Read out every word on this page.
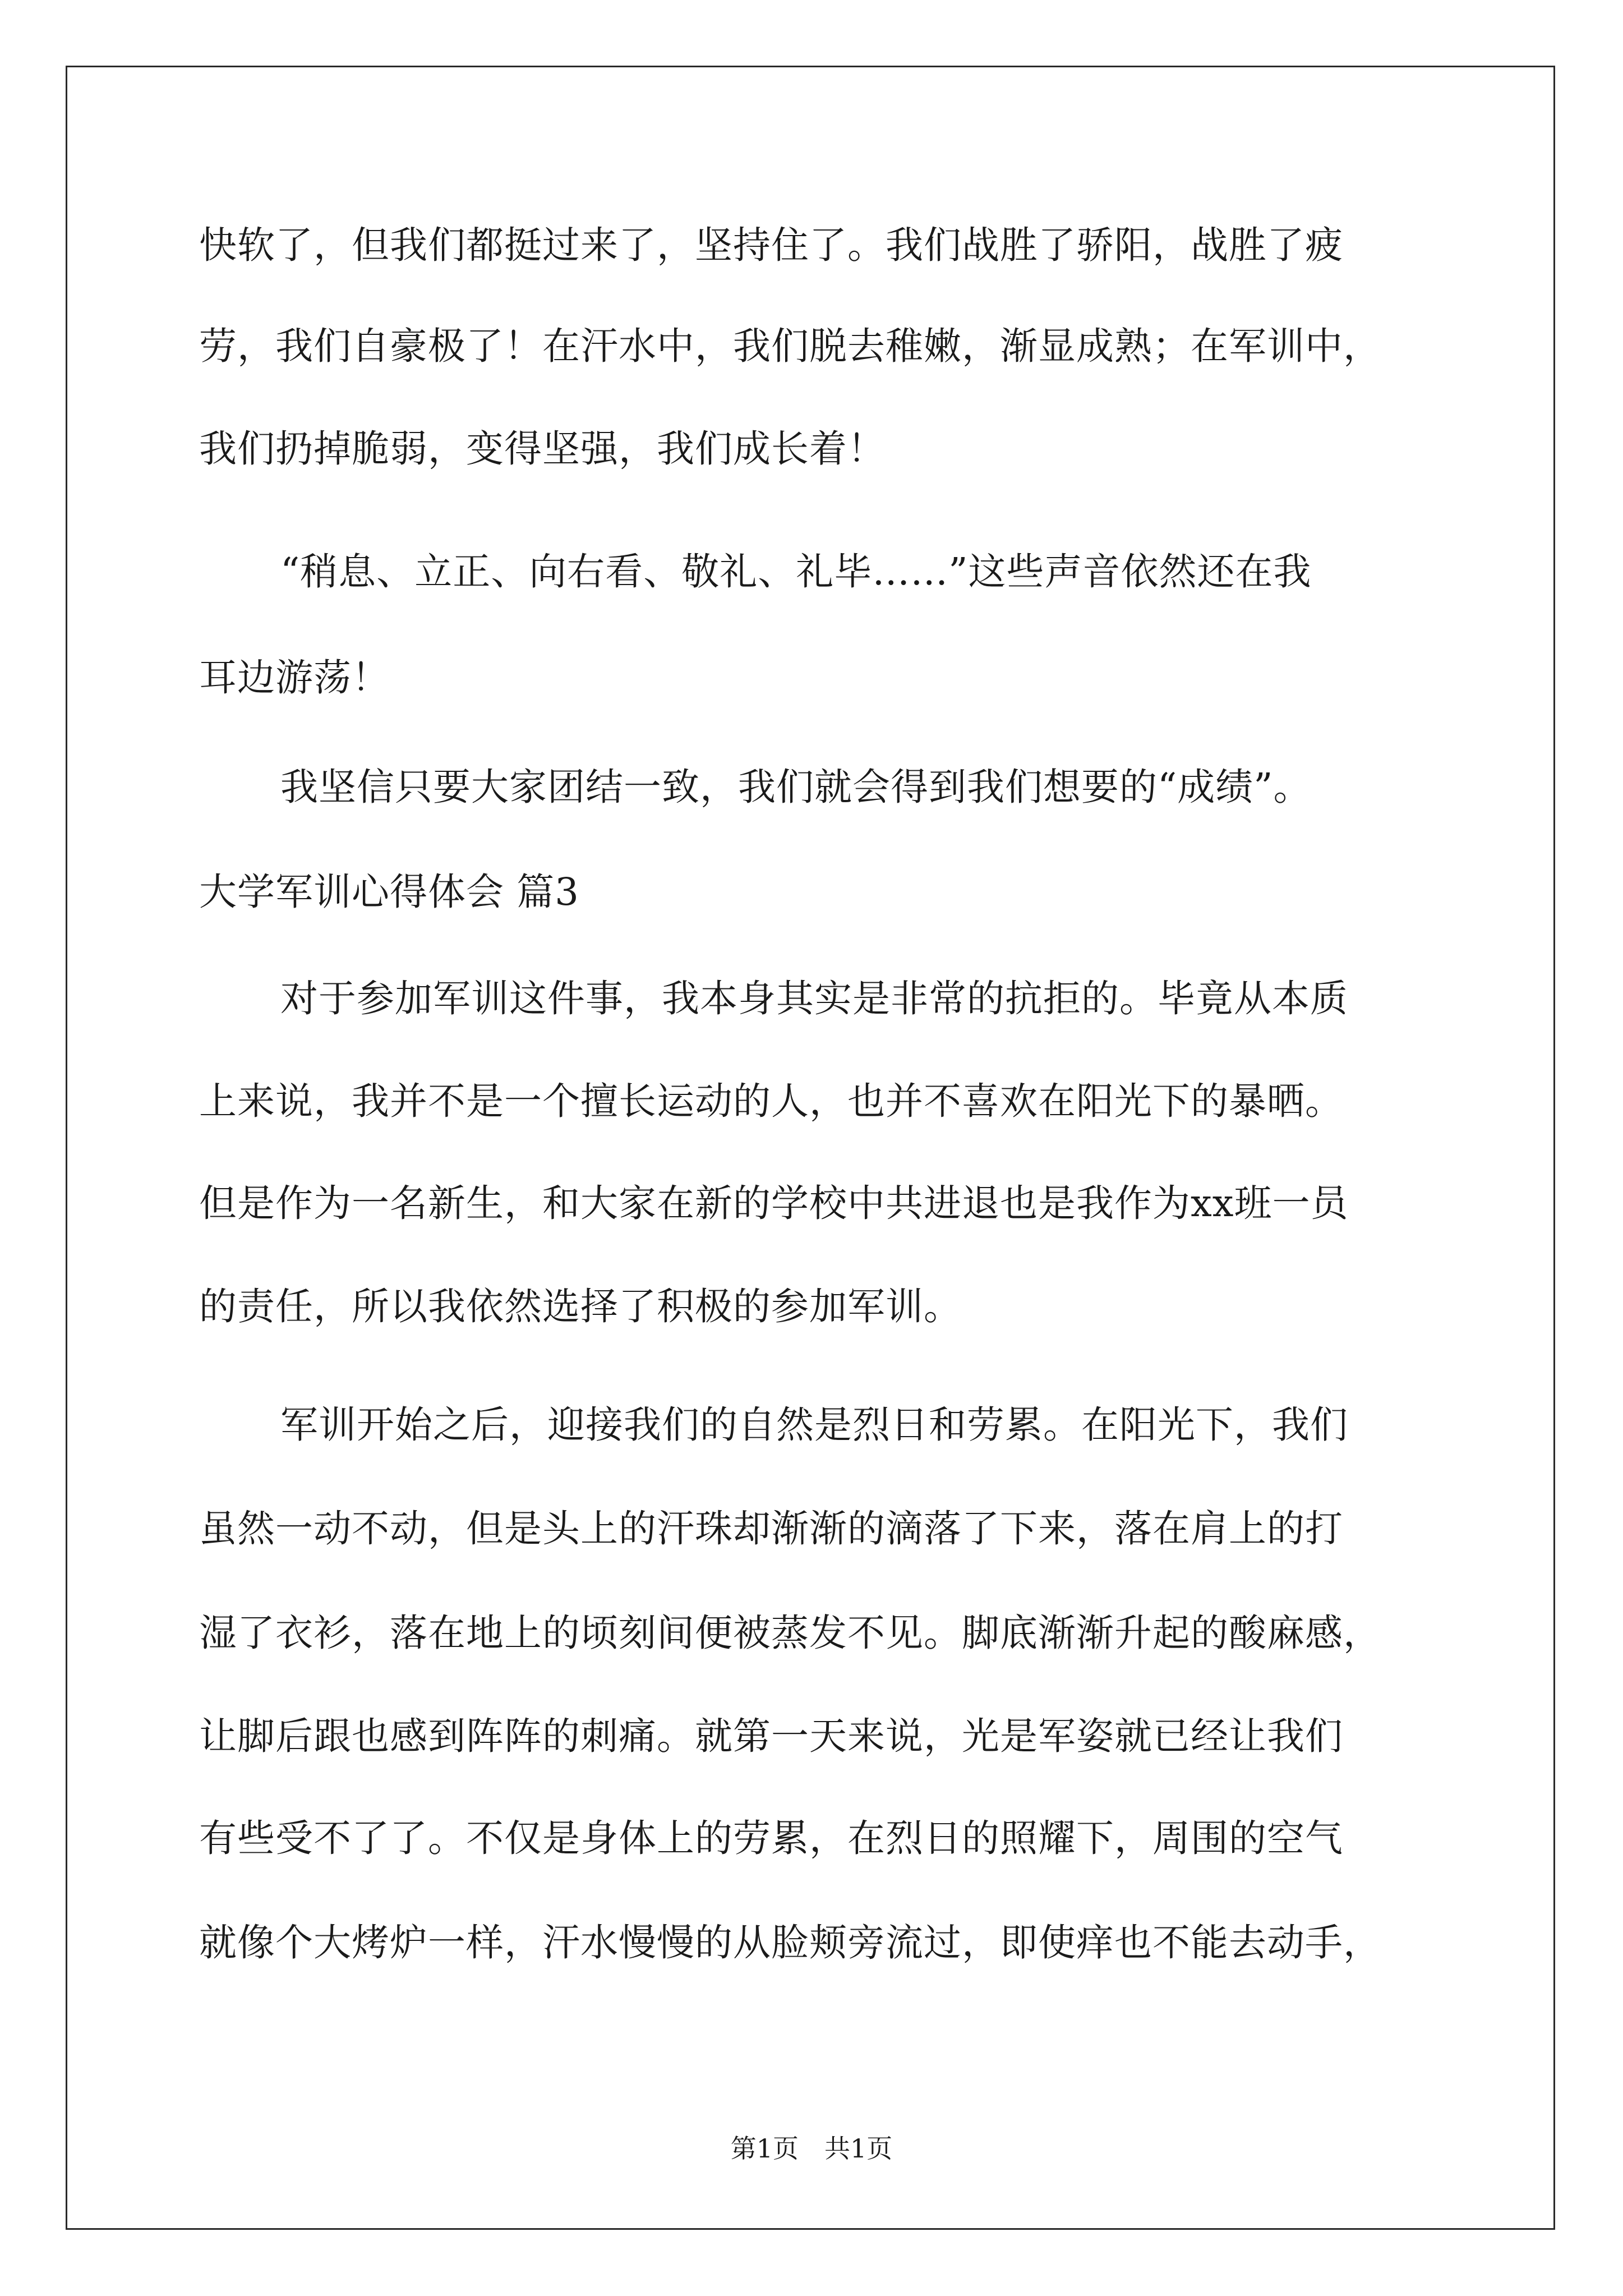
快软了，但我们都挺过来了，坚持住了。我们战胜了骄阳，战胜了疲
劳，我们自豪极了！在汗水中，我们脱去稚嫩，渐显成熟；在军训中，
我们扔掉脆弱，变得坚强，我们成长着！
“稍息、立正、向右看、敬礼、礼毕……”这些声音依然还在我
耳边游荡！
我坚信只要大家团结一致，我们就会得到我们想要的“成绩”。
大学军训心得体会 篇3
对于参加军训这件事，我本身其实是非常的抗拒的。毕竟从本质
上来说，我并不是一个擅长运动的人，也并不喜欢在阳光下的暴晒。
但是作为一名新生，和大家在新的学校中共进退也是我作为xx班一员
的责任，所以我依然选择了积极的参加军训。
军训开始之后，迎接我们的自然是烈日和劳累。在阳光下，我们
虽然一动不动，但是头上的汗珠却渐渐的滴落了下来，落在肩上的打
湿了衣衫，落在地上的顷刻间便被蒸发不见。脚底渐渐升起的酸麻感，
让脚后跟也感到阵阵的刺痛。就第一天来说，光是军姿就已经让我们
有些受不了了。不仅是身体上的劳累，在烈日的照耀下，周围的空气
就像个大烤炉一样，汗水慢慢的从脸颊旁流过，即使痒也不能去动手，
第1页 共1页
